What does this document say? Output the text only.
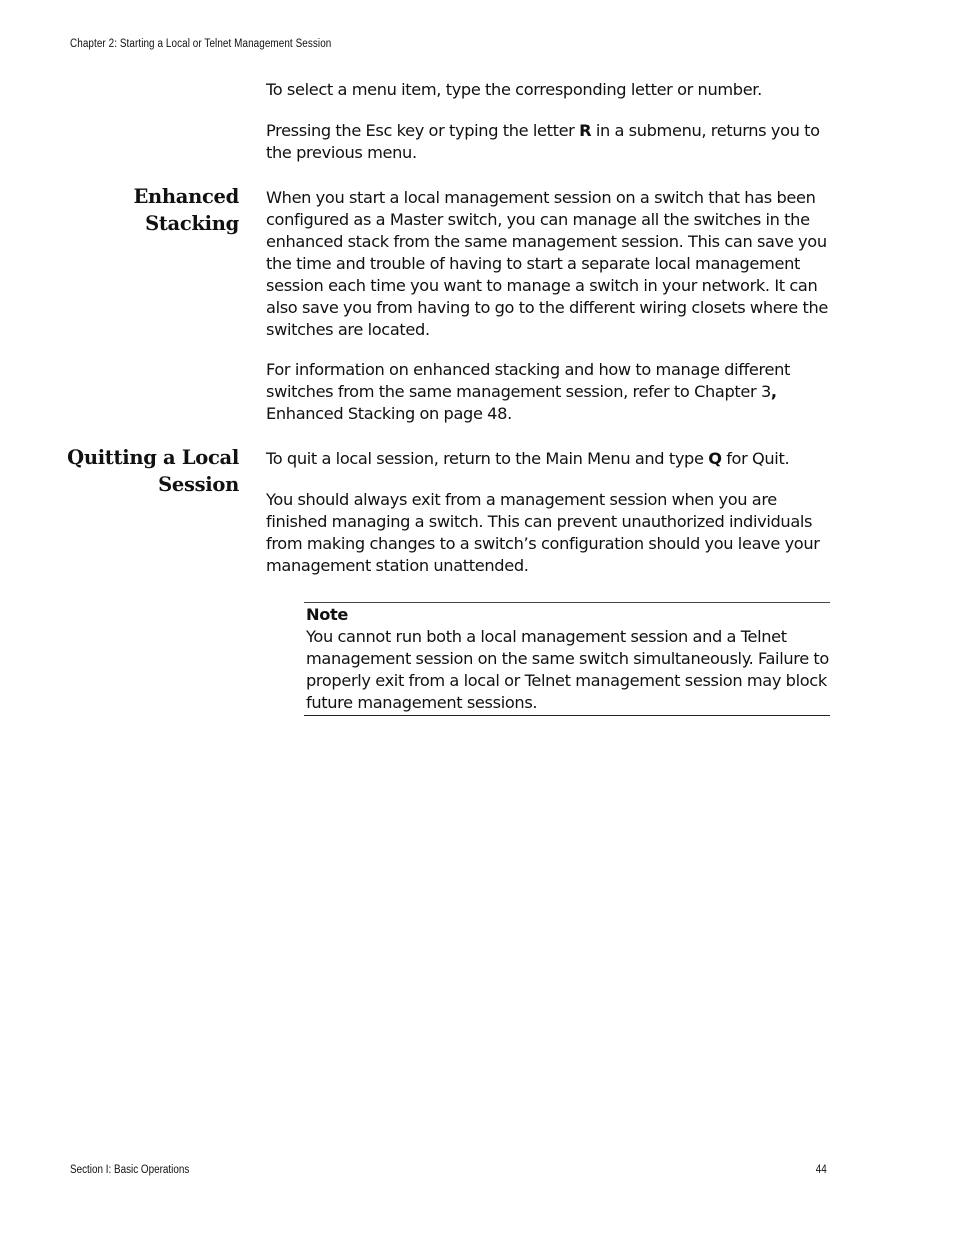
Chapter 2: Starting a Local or Telnet Management Session

To select a menu item, type the corresponding letter or number.

Pressing the Esc key or typing the letter R in a submenu, returns you to the previous menu.

Enhanced
Stacking

When you start a local management session on a switch that has been configured as a Master switch, you can manage all the switches in the enhanced stack from the same management session. This can save you the time and trouble of having to start a separate local management session each time you want to manage a switch in your network. It can also save you from having to go to the different wiring closets where the switches are located.

For information on enhanced stacking and how to manage different switches from the same management session, refer to Chapter 3, Enhanced Stacking on page 48.

Quitting a Local
Session

To quit a local session, return to the Main Menu and type Q for Quit.

You should always exit from a management session when you are finished managing a switch. This can prevent unauthorized individuals from making changes to a switch’s configuration should you leave your management station unattended.

Note

You cannot run both a local management session and a Telnet management session on the same switch simultaneously. Failure to properly exit from a local or Telnet management session may block future management sessions.

Section I: Basic Operations	44
